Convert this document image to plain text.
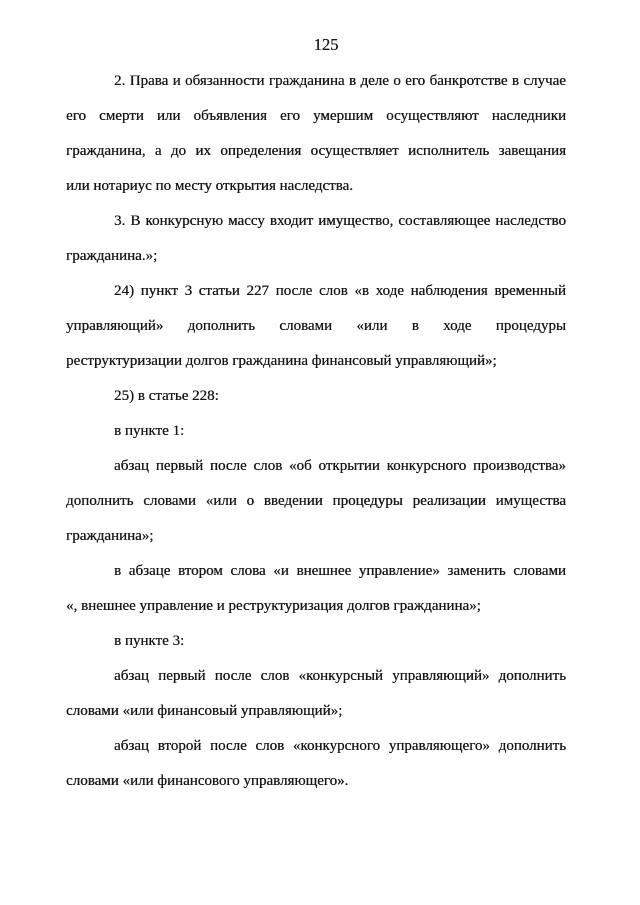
125
2. Права и обязанности гражданина в деле о его банкротстве в случае
его смерти или объявления его умершим осуществляют наследники
гражданина, а до их определения осуществляет исполнитель завещания
или нотариус по месту открытия наследства.
3. В конкурсную массу входит имущество, составляющее наследство
гражданина.»;
24) пункт 3 статьи 227 после слов «в ходе наблюдения временный
управляющий» дополнить словами «или в ходе процедуры
реструктуризации долгов гражданина финансовый управляющий»;
25) в статье 228:
в пункте 1:
абзац первый после слов «об открытии конкурсного производства»
дополнить словами «или о введении процедуры реализации имущества
гражданина»;
в абзаце втором слова «и внешнее управление» заменить словами
«, внешнее управление и реструктуризация долгов гражданина»;
в пункте 3:
абзац первый после слов «конкурсный управляющий» дополнить
словами «или финансовый управляющий»;
абзац второй после слов «конкурсного управляющего» дополнить
словами «или финансового управляющего».
